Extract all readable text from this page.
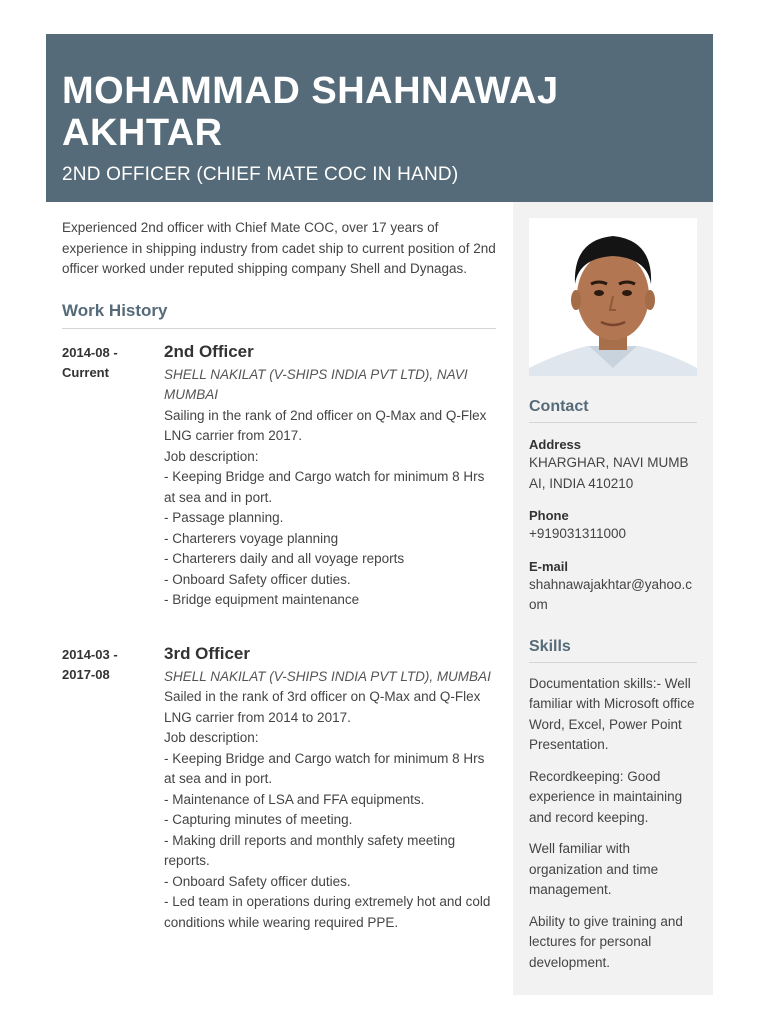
MOHAMMAD SHAHNAWAJ AKHTAR
2ND OFFICER (CHIEF MATE COC IN HAND)

Experienced 2nd officer with Chief Mate COC, over 17 years of experience in shipping industry from cadet ship to current position of 2nd officer worked under reputed shipping company Shell and Dynagas.

Work History
2014-08 -
Current
2nd Officer
SHELL NAKILAT (V-SHIPS INDIA PVT LTD), NAVI MUMBAI
Sailing in the rank of 2nd officer on Q-Max and Q-Flex LNG carrier from 2017.
Job description:
- Keeping Bridge and Cargo watch for minimum 8 Hrs at sea and in port.
- Passage planning.
- Charterers voyage planning
- Charterers daily and all voyage reports
- Onboard Safety officer duties.
- Bridge equipment maintenance
2014-03 -
2017-08
3rd Officer
SHELL NAKILAT (V-SHIPS INDIA PVT LTD), MUMBAI
Sailed in the rank of 3rd officer on Q-Max and Q-Flex LNG carrier from 2014 to 2017.
Job description:
- Keeping Bridge and Cargo watch for minimum 8 Hrs at sea and in port.
- Maintenance of LSA and FFA equipments.
- Capturing minutes of meeting.
- Making drill reports and monthly safety meeting reports.
- Onboard Safety officer duties.
- Led team in operations during extremely hot and cold conditions while wearing required PPE.
Contact
Address
KHARGHAR, NAVI MUMBAI, INDIA 410210
Phone
+919031311000
E-mail
shahnawajakhtar@yahoo.com
Skills
Documentation skills:- Well familiar with Microsoft office Word, Excel, Power Point Presentation.
Recordkeeping: Good experience in maintaining and record keeping.
Well familiar with organization and time management.
Ability to give training and lectures for personal development.
